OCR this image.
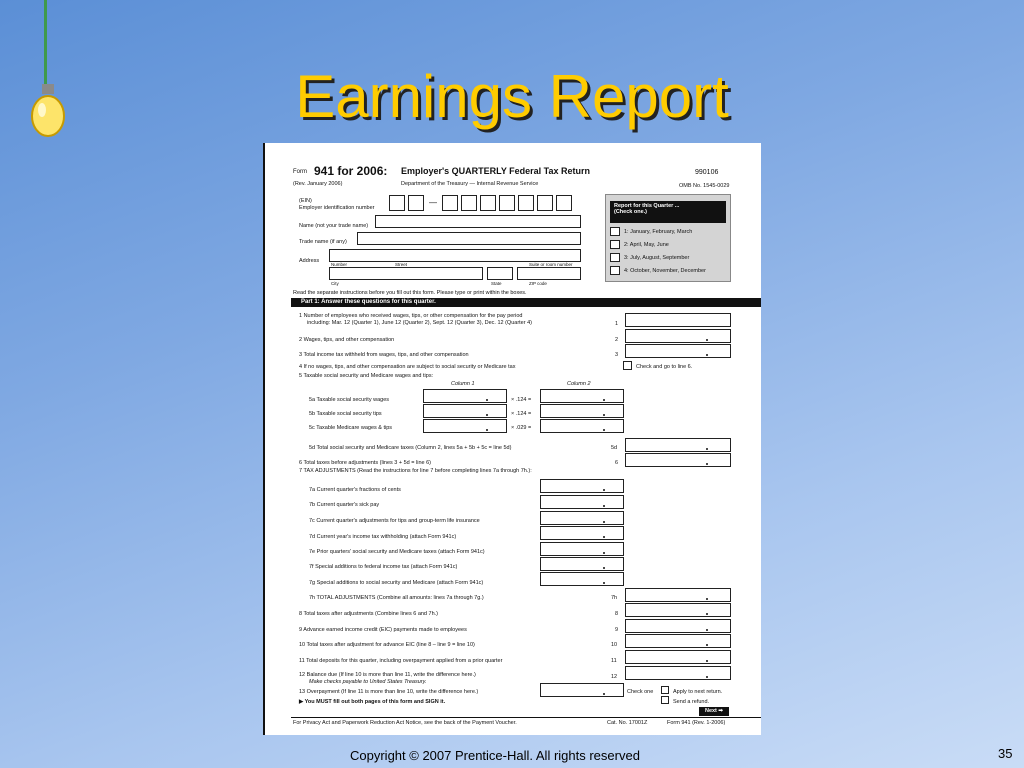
Earnings Report
Form 941 for 2006: Employer's QUARTERLY Federal Tax Return
(Rev. January 2006)	Department of the Treasury — Internal Revenue Service
990106
OMB No. 1545-0029
(EIN)
Employer identification number
—
Name (not your trade name)
Trade name (if any)
Address
Number	Street	Suite or room number
City	State	ZIP code
Report for this Quarter ...
(Check one.)
1: January, February, March
2: April, May, June
3: July, August, September
4: October, November, December
Read the separate instructions before you fill out this form. Please type or print within the boxes.
Part 1: Answer these questions for this quarter.
1 Number of employees who received wages, tips, or other compensation for the pay period
including: Mar. 12 (Quarter 1), June 12 (Quarter 2), Sept. 12 (Quarter 3), Dec. 12 (Quarter 4)	1
2 Wages, tips, and other compensation	2
3 Total income tax withheld from wages, tips, and other compensation	3
4 If no wages, tips, and other compensation are subject to social security or Medicare tax	Check and go to line 6.
5 Taxable social security and Medicare wages and tips:
Column 1	Column 2
5a Taxable social security wages	× .124 =
5b Taxable social security tips	× .124 =
5c Taxable Medicare wages & tips	× .029 =
5d Total social security and Medicare taxes (Column 2, lines 5a + 5b + 5c = line 5d)	5d
6 Total taxes before adjustments (lines 3 + 5d = line 6)	6
7 TAX ADJUSTMENTS (Read the instructions for line 7 before completing lines 7a through 7h.):
7a Current quarter's fractions of cents
7b Current quarter's sick pay
7c Current quarter's adjustments for tips and group-term life insurance
7d Current year's income tax withholding (attach Form 941c)
7e Prior quarters' social security and Medicare taxes (attach Form 941c)
7f Special additions to federal income tax (attach Form 941c)
7g Special additions to social security and Medicare (attach Form 941c)
7h TOTAL ADJUSTMENTS (Combine all amounts: lines 7a through 7g.)	7h
8 Total taxes after adjustments (Combine lines 6 and 7h.)	8
9 Advance earned income credit (EIC) payments made to employees	9
10 Total taxes after adjustment for advance EIC (line 8 – line 9 = line 10)	10
11 Total deposits for this quarter, including overpayment applied from a prior quarter	11
12 Balance due (If line 10 is more than line 11, write the difference here.)
Make checks payable to United States Treasury.
12
13 Overpayment (If line 11 is more than line 10, write the difference here.)	Check one	Apply to next return.
Send a refund.
▶ You MUST fill out both pages of this form and SIGN it.
Next ➡
For Privacy Act and Paperwork Reduction Act Notice, see the back of the Payment Voucher.	Cat. No. 17001Z	Form 941 (Rev. 1-2006)
Copyright © 2007 Prentice-Hall. All rights reserved	35
